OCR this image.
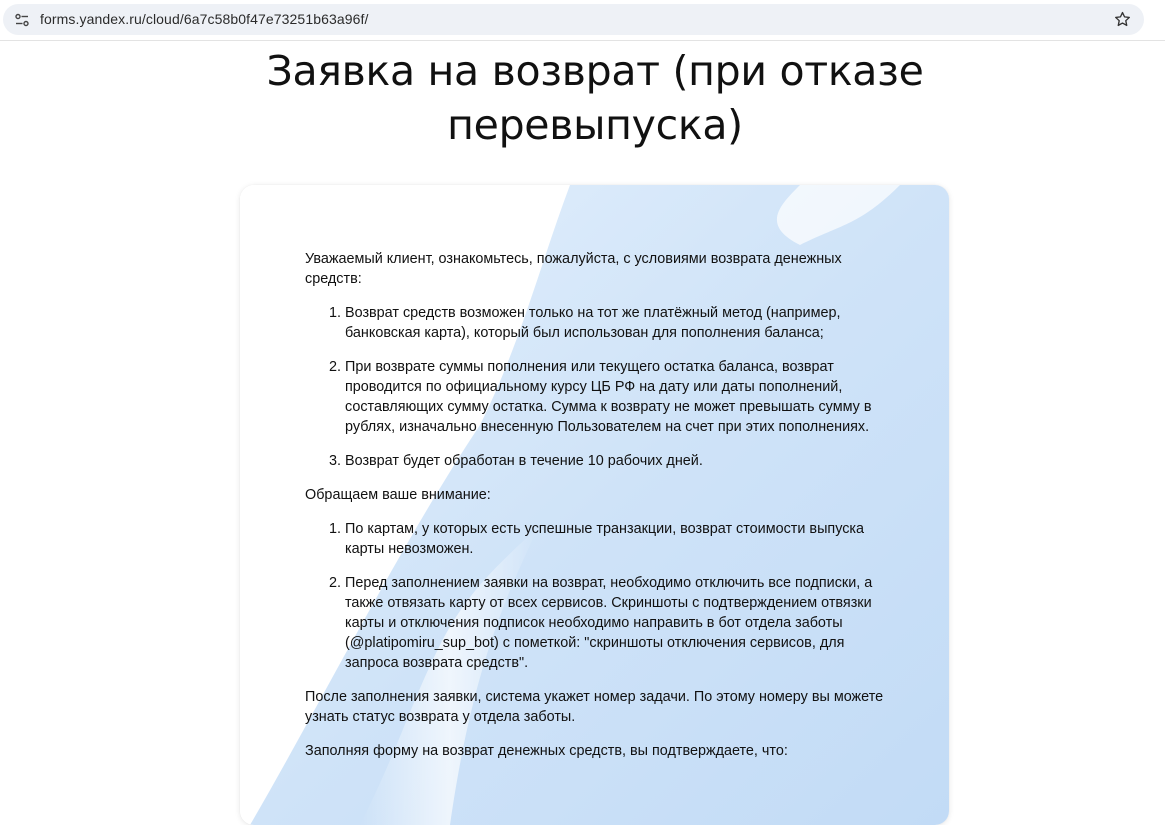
forms.yandex.ru/cloud/6a7c58b0f47e73251b63a96f/
Заявка на возврат (при отказе перевыпуска)

Уважаемый клиент, ознакомьтесь, пожалуйста, с условиями возврата денежных средств:

1. Возврат средств возможен только на тот же платёжный метод (например, банковская карта), который был использован для пополнения баланса;
2. При возврате суммы пополнения или текущего остатка баланса, возврат проводится по официальному курсу ЦБ РФ на дату или даты пополнений, составляющих сумму остатка. Сумма к возврату не может превышать сумму в рублях, изначально внесенную Пользователем на счет при этих пополнениях.
3. Возврат будет обработан в течение 10 рабочих дней.

Обращаем ваше внимание:

1. По картам, у которых есть успешные транзакции, возврат стоимости выпуска карты невозможен.
2. Перед заполнением заявки на возврат, необходимо отключить все подписки, а также отвязать карту от всех сервисов. Скриншоты с подтверждением отвязки карты и отключения подписок необходимо направить в бот отдела заботы (@platipomiru_sup_bot) с пометкой: "скриншоты отключения сервисов, для запроса возврата средств".

После заполнения заявки, система укажет номер задачи. По этому номеру вы можете узнать статус возврата у отдела заботы.

Заполняя форму на возврат денежных средств, вы подтверждаете, что:
